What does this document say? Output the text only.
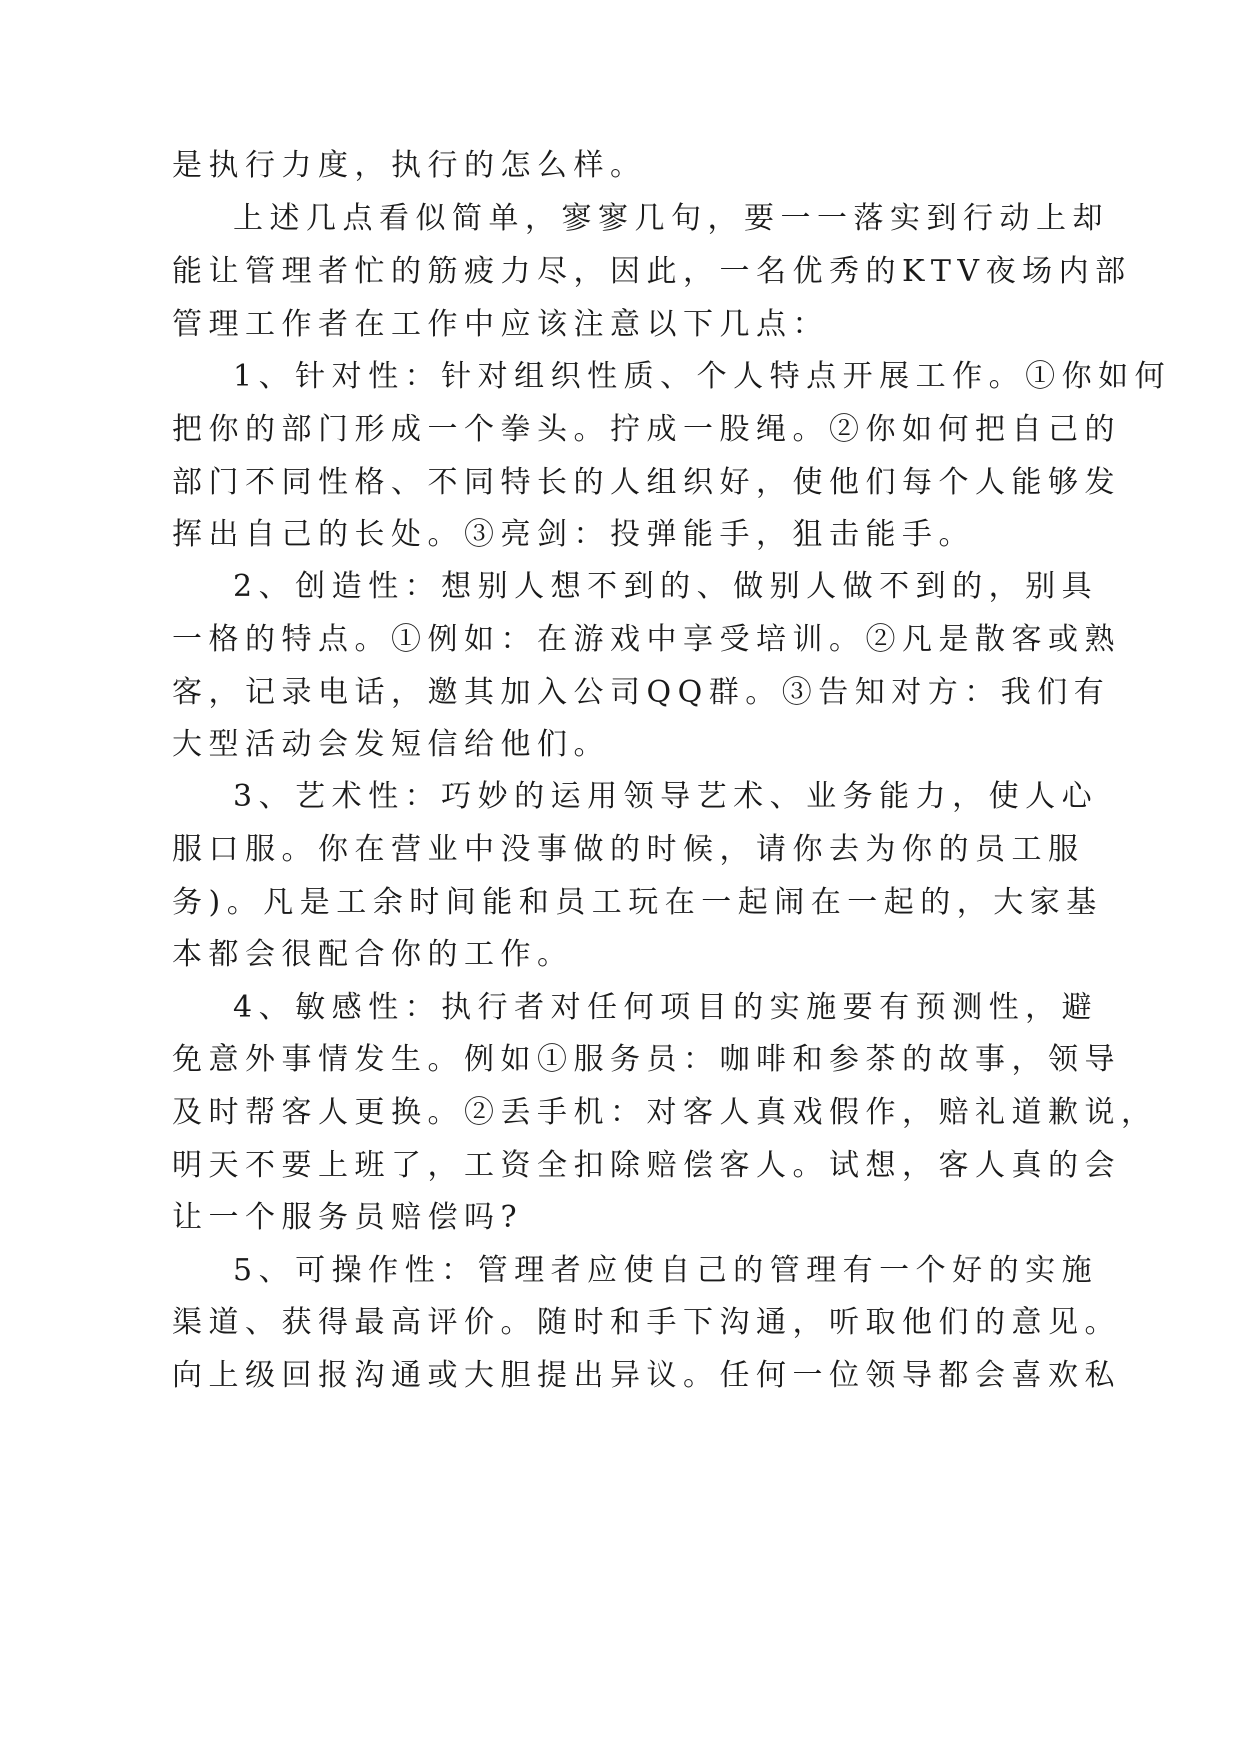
是执行力度，执行的怎么样。
上述几点看似简单，寥寥几句，要一一落实到行动上却
能让管理者忙的筋疲力尽，因此，一名优秀的KTV夜场内部
管理工作者在工作中应该注意以下几点：
1、针对性：针对组织性质、个人特点开展工作。①你如何
把你的部门形成一个拳头。拧成一股绳。②你如何把自己的
部门不同性格、不同特长的人组织好，使他们每个人能够发
挥出自己的长处。③亮剑：投弹能手，狙击能手。
2、创造性：想别人想不到的、做别人做不到的，别具
一格的特点。①例如：在游戏中享受培训。②凡是散客或熟
客，记录电话，邀其加入公司QQ群。③告知对方：我们有
大型活动会发短信给他们。
3、艺术性：巧妙的运用领导艺术、业务能力，使人心
服口服。你在营业中没事做的时候，请你去为你的员工服
务)。凡是工余时间能和员工玩在一起闹在一起的，大家基
本都会很配合你的工作。
4、敏感性：执行者对任何项目的实施要有预测性，避
免意外事情发生。例如①服务员：咖啡和参茶的故事，领导
及时帮客人更换。②丢手机：对客人真戏假作，赔礼道歉说，
明天不要上班了，工资全扣除赔偿客人。试想，客人真的会
让一个服务员赔偿吗?
5、可操作性：管理者应使自己的管理有一个好的实施
渠道、获得最高评价。随时和手下沟通，听取他们的意见。
向上级回报沟通或大胆提出异议。任何一位领导都会喜欢私
